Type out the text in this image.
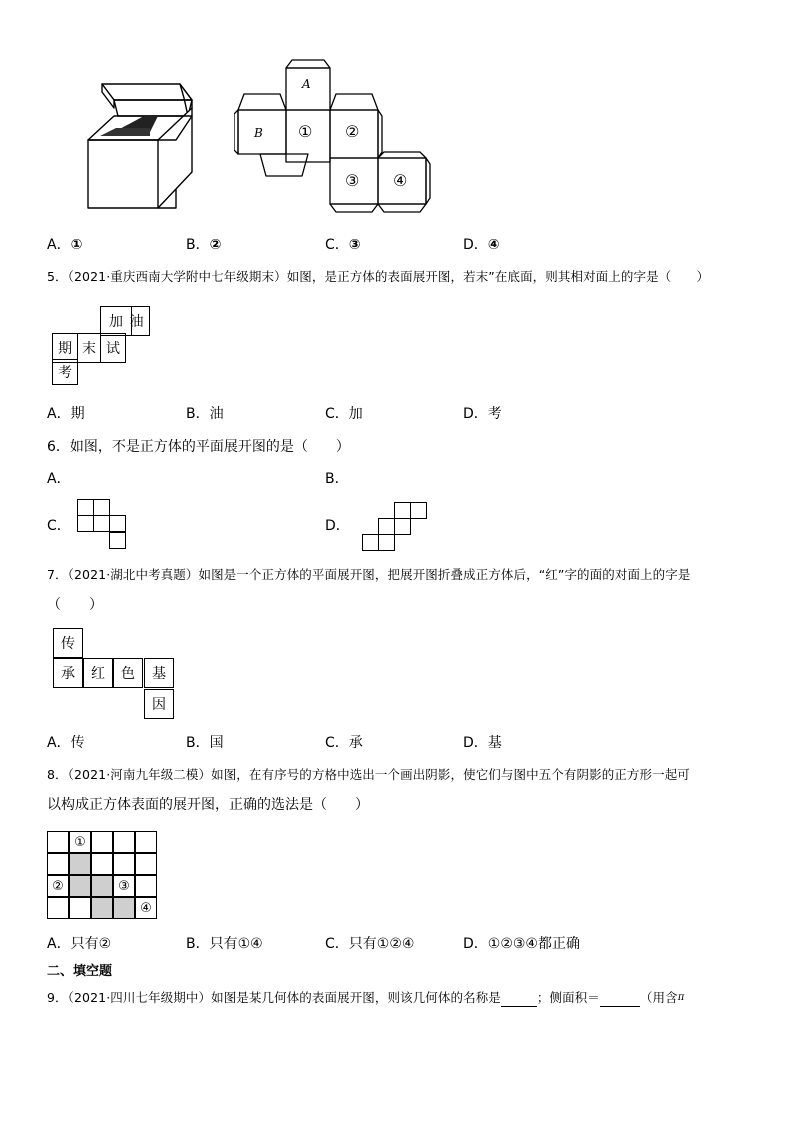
A
B ① ②
③ ④
A．①	B．②	C．③	D．④
5．（2021·重庆西南大学附中七年级期末）如图，是正方体的表面展开图，若末”在底面，则其相对面上的字是（　　）
加 油
期 末 试
考
A．期	B．油	C．加	D．考
6．如图，不是正方体的平面展开图的是（　　）
A．	B．
C．	D．
7．（2021·湖北中考真题）如图是一个正方体的平面展开图，把展开图折叠成正方体后，“红”字的面的对面上的字是
（　　）
传
承	红	色	基
因
A．传	B．国	C．承	D．基
8．（2021·河南九年级二模）如图，在有序号的方格中选出一个画出阴影，使它们与图中五个有阴影的正方形一起可
以构成正方体表面的展开图，正确的选法是（　　）
①
②	③
④
A．只有②	B．只有①④	C．只有①②④	D．①②③④都正确
二、填空题
9．（2021·四川七年级期中）如图是某几何体的表面展开图，则该几何体的名称是	；侧面积＝	（用含$^\pi$
